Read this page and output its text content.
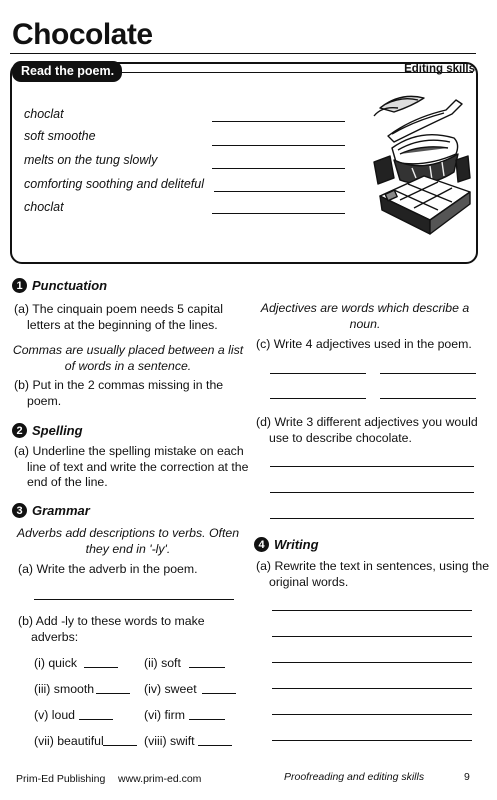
Chocolate
Read the poem.	Editing skills
choclat
soft smoothe
melts on the tung slowly
comforting soothing and deliteful
choclat
1 Punctuation
(a) The cinquain poem needs 5 capital letters at the beginning of the lines.
Commas are usually placed between a list of words in a sentence.
(b) Put in the 2 commas missing in the poem.
2 Spelling
(a) Underline the spelling mistake on each line of text and write the correction at the end of the line.
3 Grammar
Adverbs add descriptions to verbs. Often they end in '-ly'.
(a) Write the adverb in the poem.
(b) Add -ly to these words to make adverbs:
(i) quick	(ii) soft
(iii) smooth	(iv) sweet
(v) loud	(vi) firm
(vii) beautiful	(viii) swift
Adjectives are words which describe a noun.
(c) Write 4 adjectives used in the poem.
(d) Write 3 different adjectives you would use to describe chocolate.
4 Writing
(a) Rewrite the text in sentences, using the original words.
Prim-Ed Publishing www.prim-ed.com	Proofreading and editing skills	9
